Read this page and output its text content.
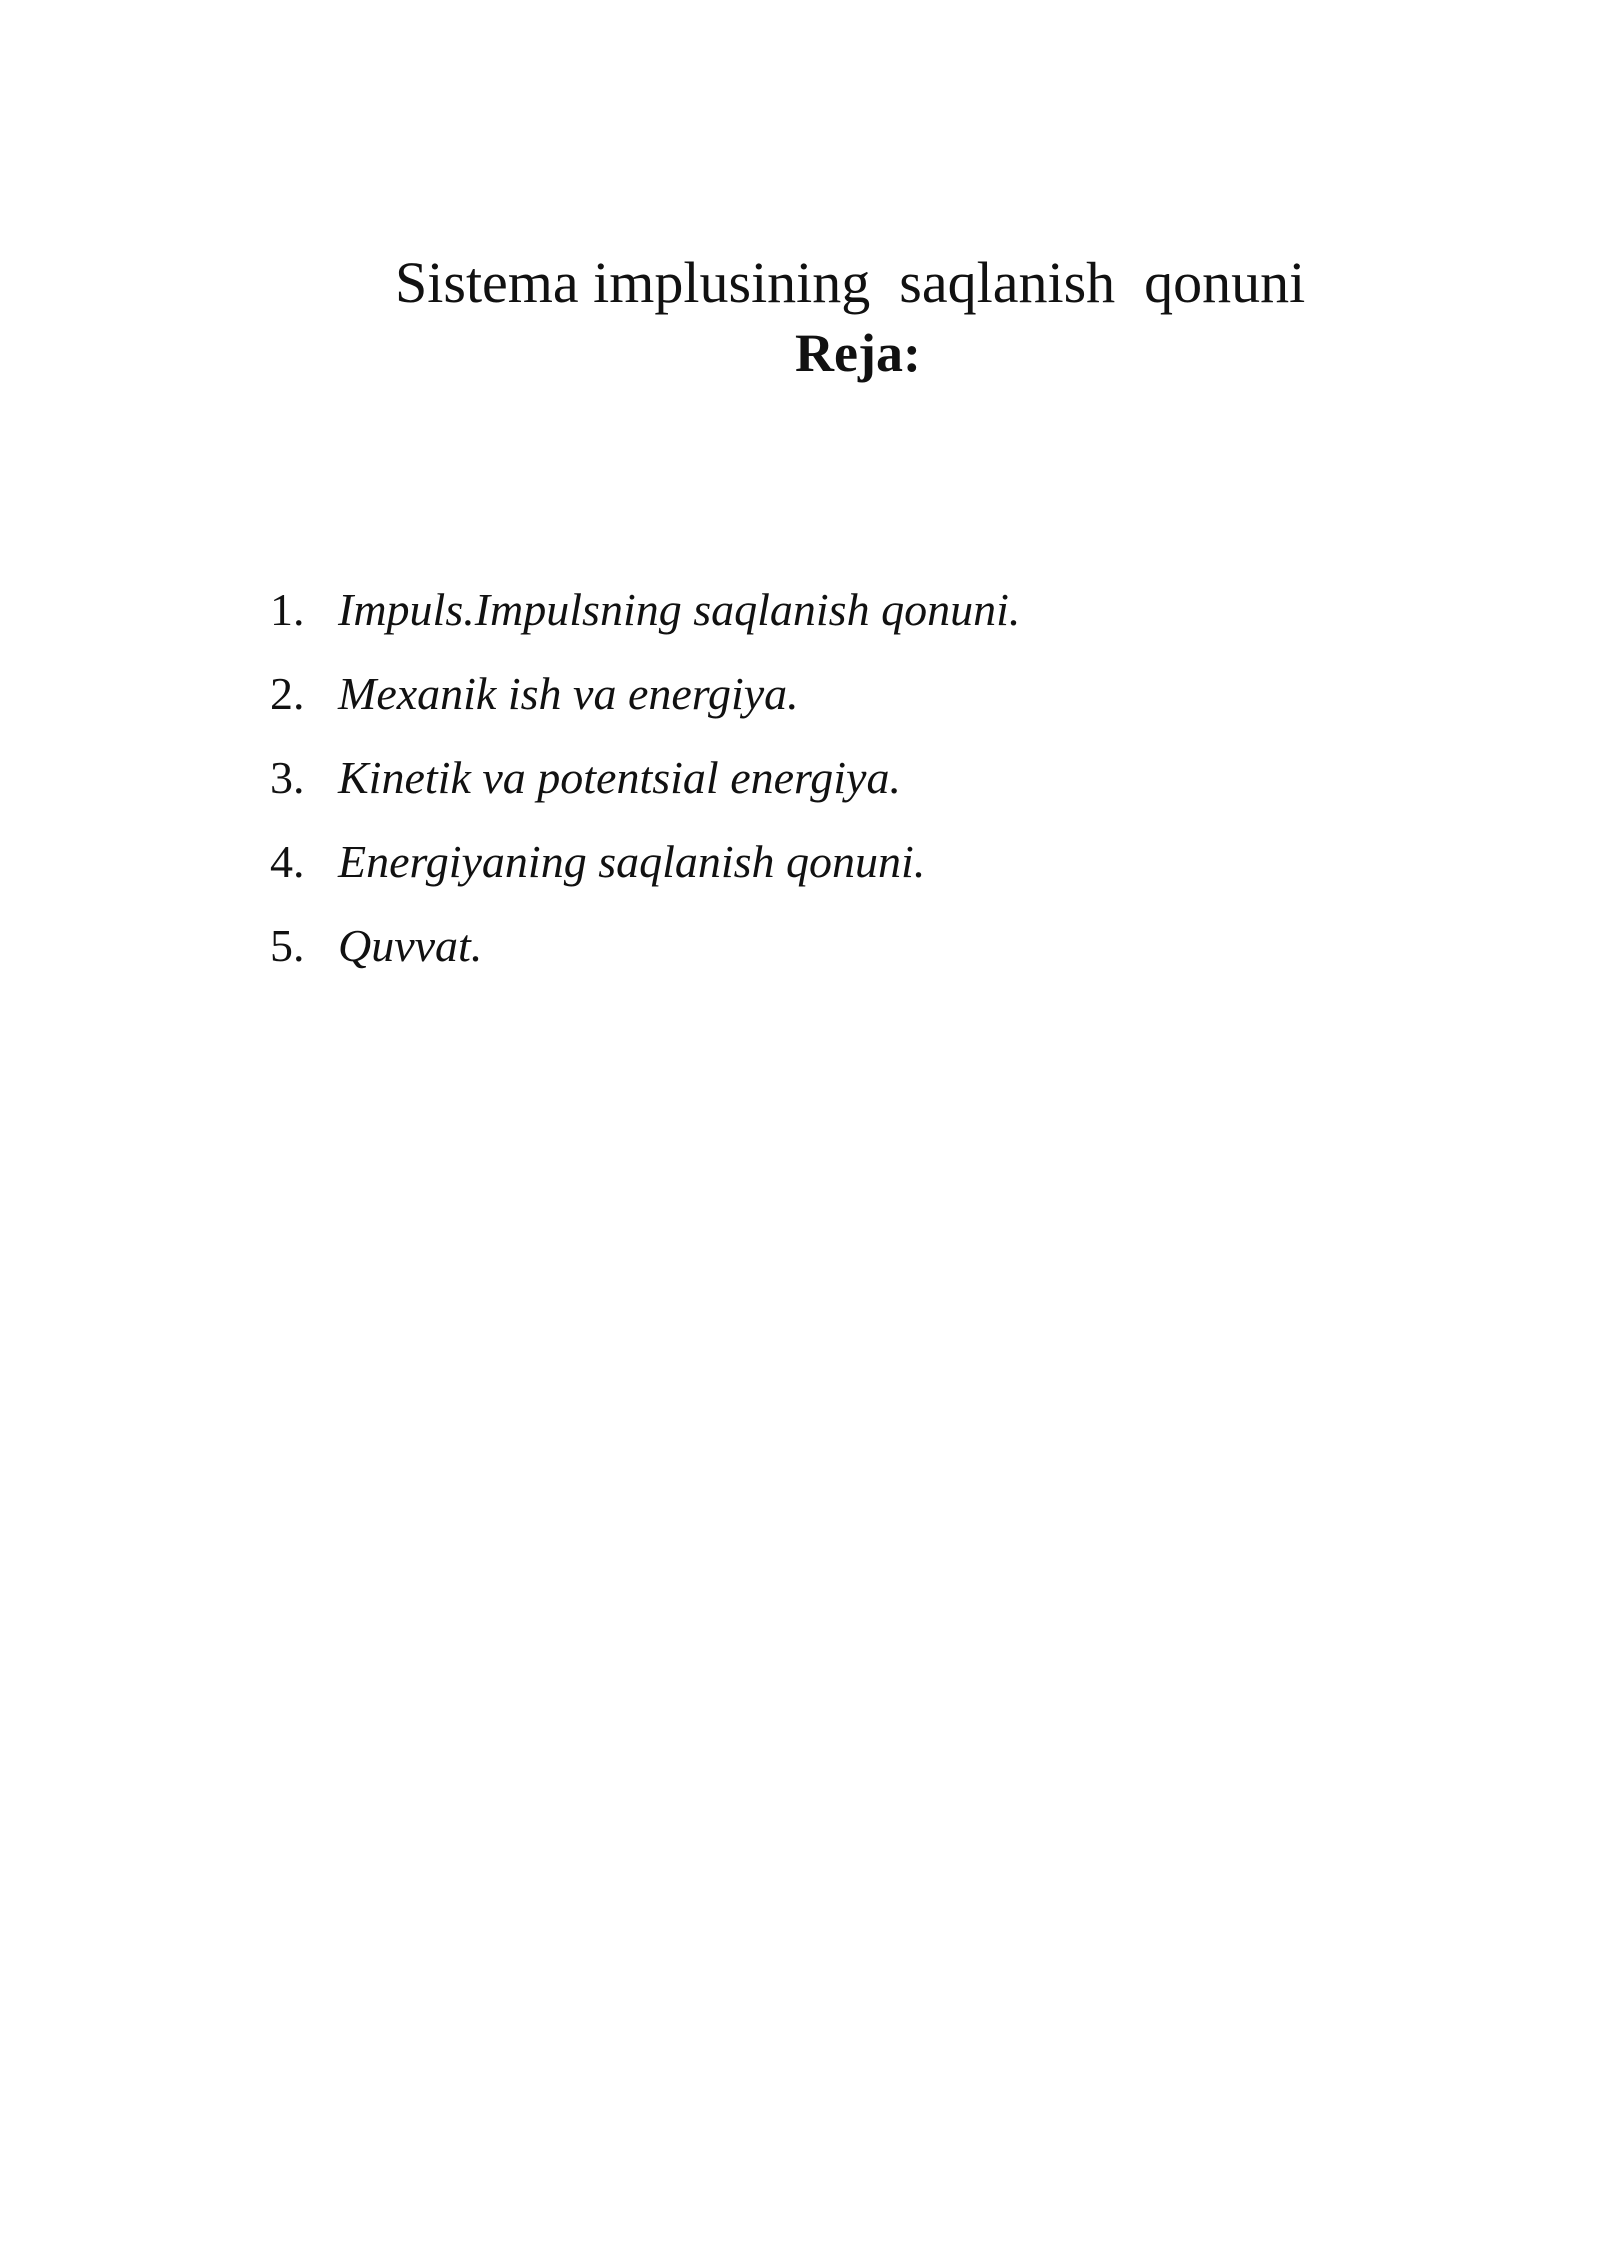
Sistema implusining  saqlanish  qonuni
Reja:
1. Impuls.Impulsning saqlanish qonuni.
2. Mexanik ish va energiya.
3. Kinetik va potentsial energiya.
4. Energiyaning saqlanish qonuni.
5. Quvvat.
